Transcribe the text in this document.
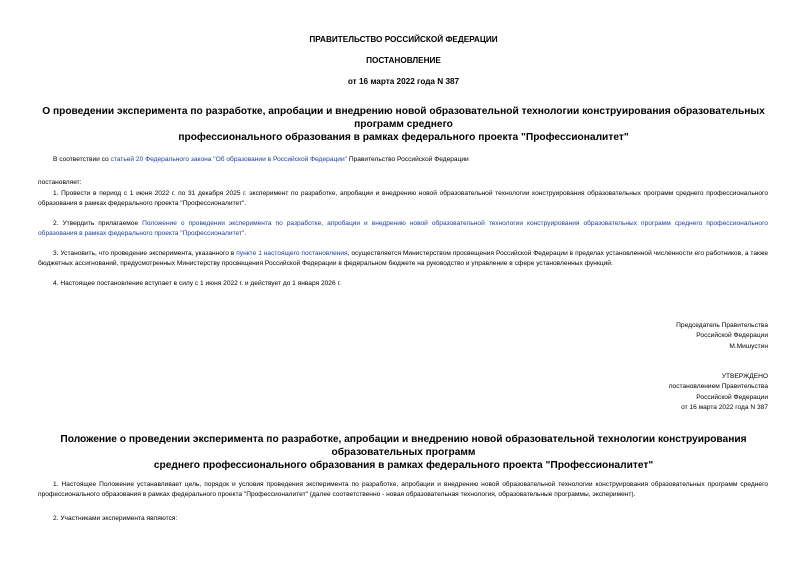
ПРАВИТЕЛЬСТВО РОССИЙСКОЙ ФЕДЕРАЦИИ
ПОСТАНОВЛЕНИЕ
от 16 марта 2022 года N 387
О проведении эксперимента по разработке, апробации и внедрению новой образовательной технологии конструирования образовательных программ среднего
профессионального образования в рамках федерального проекта "Профессионалитет"
В соответствии со статьей 20 Федерального закона "Об образовании в Российской Федерации" Правительство Российской Федерации
постановляет:
1. Провести в период с 1 июня 2022 г. по 31 декабря 2025 г. эксперимент по разработке, апробации и внедрению новой образовательной технологии конструирования образовательных программ среднего профессионального образования в рамках федерального проекта "Профессионалитет".
2. Утвердить прилагаемое Положение о проведении эксперимента по разработке, апробации и внедрению новой образовательной технологии конструирования образовательных программ среднего профессионального образования в рамках федерального проекта "Профессионалитет".
3. Установить, что проведение эксперимента, указанного в пункте 1 настоящего постановления, осуществляется Министерством просвещения Российской Федерации в пределах установленной численности его работников, а также бюджетных ассигнований, предусмотренных Министерству просвещения Российской Федерации в федеральном бюджете на руководство и управление в сфере установленных функций.
4. Настоящее постановление вступает в силу с 1 июня 2022 г. и действует до 1 января 2026 г.
Председатель Правительства
Российской Федерации
М.Мишустин
УТВЕРЖДЕНО
постановлением Правительства
Российской Федерации
от 16 марта 2022 года N 387
Положение о проведении эксперимента по разработке, апробации и внедрению новой образовательной технологии конструирования образовательных программ
среднего профессионального образования в рамках федерального проекта "Профессионалитет"
1. Настоящее Положение устанавливает цель, порядок и условия проведения эксперимента по разработке, апробации и внедрению новой образовательной технологии конструирования образовательных программ среднего профессионального образования в рамках федерального проекта "Профессионалитет" (далее соответственно - новая образовательная технология, образовательные программы, эксперимент).
2. Участниками эксперимента являются:
